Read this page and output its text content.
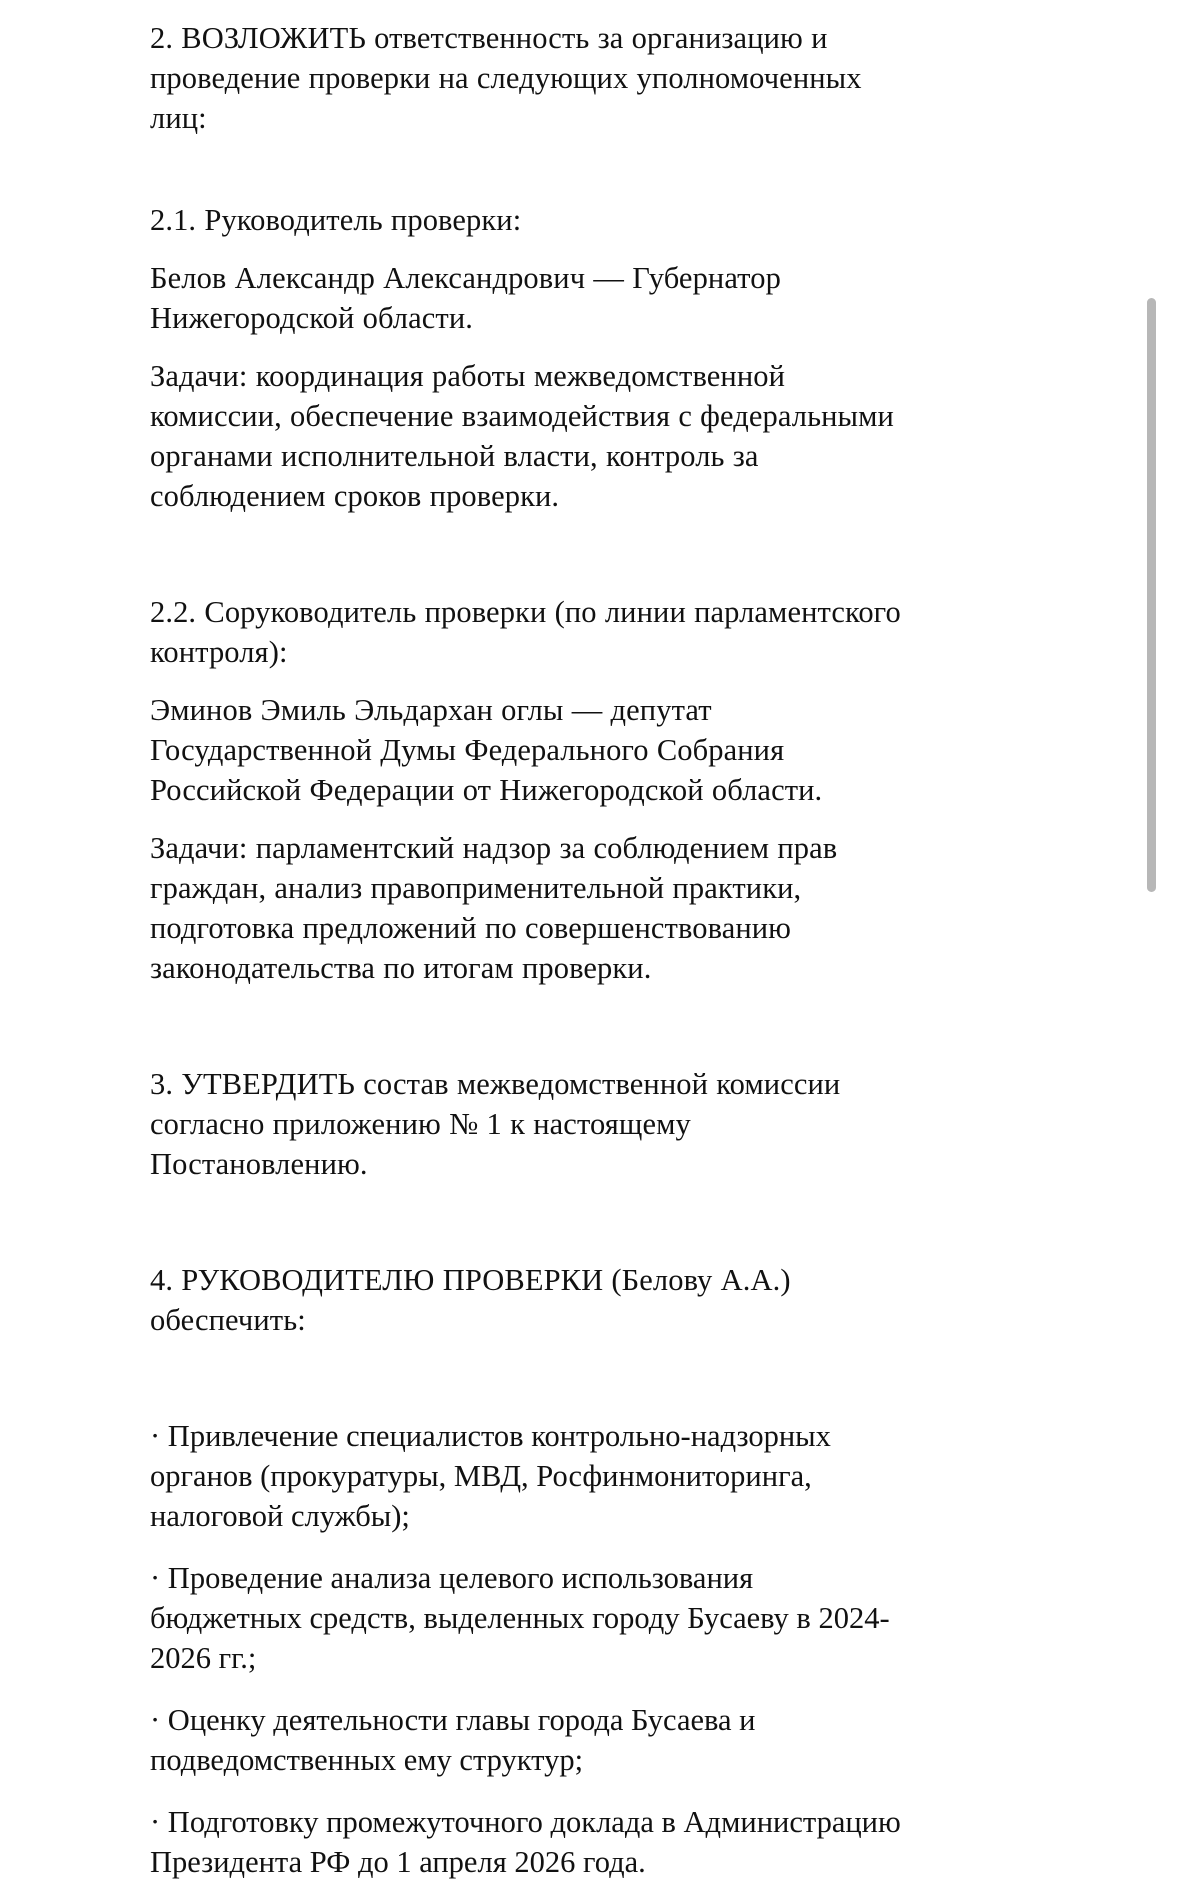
2. ВОЗЛОЖИТЬ ответственность за организацию и проведение проверки на следующих уполномоченных лиц:

2.1. Руководитель проверки:

Белов Александр Александрович — Губернатор Нижегородской области.

Задачи: координация работы межведомственной комиссии, обеспечение взаимодействия с федеральными органами исполнительной власти, контроль за соблюдением сроков проверки.

2.2. Соруководитель проверки (по линии парламентского контроля):

Эминов Эмиль Эльдархан оглы — депутат Государственной Думы Федерального Собрания Российской Федерации от Нижегородской области.

Задачи: парламентский надзор за соблюдением прав граждан, анализ правоприменительной практики, подготовка предложений по совершенствованию законодательства по итогам проверки.

3. УТВЕРДИТЬ состав межведомственной комиссии согласно приложению № 1 к настоящему Постановлению.

4. РУКОВОДИТЕЛЮ ПРОВЕРКИ (Белову А.А.) обеспечить:

· Привлечение специалистов контрольно-надзорных органов (прокуратуры, МВД, Росфинмониторинга, налоговой службы);
· Проведение анализа целевого использования бюджетных средств, выделенных городу Бусаеву в 2024-2026 гг.;
· Оценку деятельности главы города Бусаева и подведомственных ему структур;
· Подготовку промежуточного доклада в Администрацию Президента РФ до 1 апреля 2026 года.
